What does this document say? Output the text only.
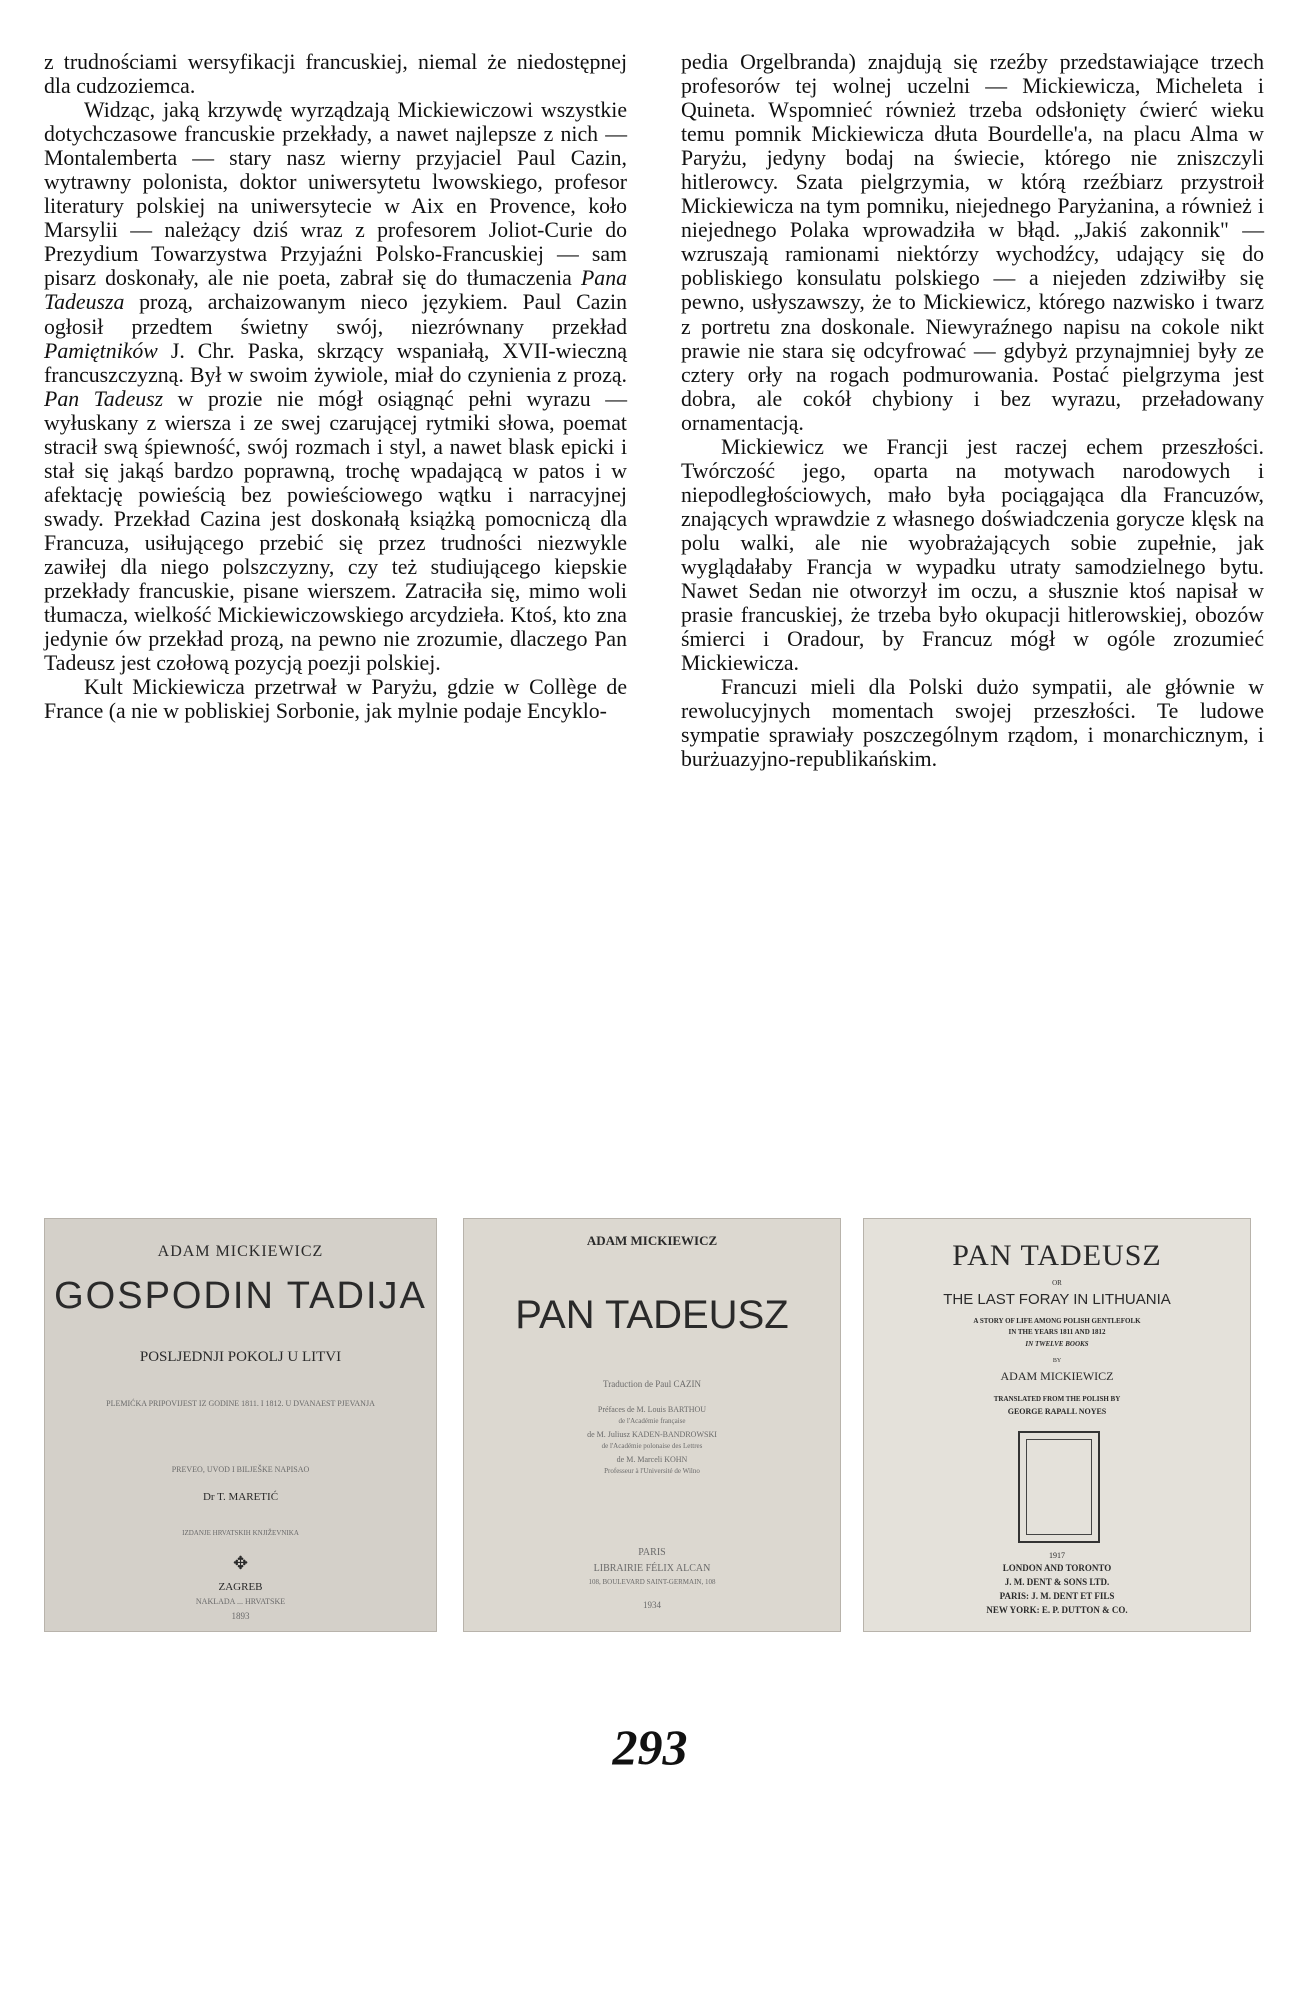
z trudnościami wersyfikacji francuskiej, niemal że niedostępnej dla cudzoziemca.

Widząc, jaką krzywdę wyrządzają Mickiewiczowi wszystkie dotychczasowe francuskie przekłady, a nawet najlepsze z nich — Montalemberta — stary nasz wierny przyjaciel Paul Cazin, wytrawny polonista, doktor uniwersytetu lwowskiego, profesor literatury polskiej na uniwersytecie w Aix en Provence, koło Marsylii — należący dziś wraz z profesorem Joliot-Curie do Prezydium Towarzystwa Przyjaźni Polsko-Francuskiej — sam pisarz doskonały, ale nie poeta, zabrał się do tłumaczenia Pana Tadeusza prozą, archaizowanym nieco językiem. Paul Cazin ogłosił przedtem świetny swój, niezrównany przekład Pamiętników J. Chr. Paska, skrzący wspaniałą, XVII-wieczną francuszczyzną. Był w swoim żywiole, miał do czynienia z prozą. Pan Tadeusz w prozie nie mógł osiągnąć pełni wyrazu — wyłuskany z wiersza i ze swej czarującej rytmiki słowa, poemat stracił swą śpiewność, swój rozmach i styl, a nawet blask epicki i stał się jakąś bardzo poprawną, trochę wpadającą w patos i w afektację powieścią bez powieściowego wątku i narracyjnej swady. Przekład Cazina jest doskonałą książką pomocniczą dla Francuza, usiłującego przebić się przez trudności niezwykle zawiłej dla niego polszczyzny, czy też studiującego kiepskie przekłady francuskie, pisane wierszem. Zatraciła się, mimo woli tłumacza, wielkość Mickiewiczowskiego arcydzieła. Ktoś, kto zna jedynie ów przekład prozą, na pewno nie zrozumie, dlaczego Pan Tadeusz jest czołową pozycją poezji polskiej.

Kult Mickiewicza przetrwał w Paryżu, gdzie w Collège de France (a nie w pobliskiej Sorbonie, jak mylnie podaje Encyklo-

pedia Orgelbranda) znajdują się rzeźby przedstawiające trzech profesorów tej wolnej uczelni — Mickiewicza, Micheleta i Quineta. Wspomnieć również trzeba odsłonięty ćwierć wieku temu pomnik Mickiewicza dłuta Bourdelle'a, na placu Alma w Paryżu, jedyny bodaj na świecie, którego nie zniszczyli hitlerowcy. Szata pielgrzymia, w którą rzeźbiarz przystroił Mickiewicza na tym pomniku, niejednego Paryżanina, a również i niejednego Polaka wprowadziła w błąd. „Jakiś zakonnik" — wzruszają ramionami niektórzy wychodźcy, udający się do pobliskiego konsulatu polskiego — a niejeden zdziwiłby się pewno, usłyszawszy, że to Mickiewicz, którego nazwisko i twarz z portretu zna doskonale. Niewyraźnego napisu na cokole nikt prawie nie stara się odcyfrować — gdybyż przynajmniej były ze cztery orły na rogach podmurowania. Postać pielgrzyma jest dobra, ale cokół chybiony i bez wyrazu, przeładowany ornamentacją.

Mickiewicz we Francji jest raczej echem przeszłości. Twórczość jego, oparta na motywach narodowych i niepodległościowych, mało była pociągająca dla Francuzów, znających wprawdzie z własnego doświadczenia gorycze klęsk na polu walki, ale nie wyobrażających sobie zupełnie, jak wyglądałaby Francja w wypadku utraty samodzielnego bytu. Nawet Sedan nie otworzył im oczu, a słusznie ktoś napisał w prasie francuskiej, że trzeba było okupacji hitlerowskiej, obozów śmierci i Oradour, by Francuz mógł w ogóle zrozumieć Mickiewicza.

Francuzi mieli dla Polski dużo sympatii, ale głównie w rewolucyjnych momentach swojej przeszłości. Te ludowe sympatie sprawiały poszczególnym rządom, i monarchicznym, i burżuazyjno-republikańskim.

ADAM MICKIEWICZ
GOSPODIN TADIJA
POSLJEDNJI POKOLJ U LITVI
PLEMIĆKA PRIPOVIJEST IZ GODINE 1811. I 1812. U DVANAEST PJEVANJA
PREVEO, UVOD I BILJEŠKE NAPISAO
Dr T. MARETIĆ
IZDANJE HRVATSKIH KNJIŽEVNIKA
✥
ZAGREB
NAKLADA ... HRVATSKE
1893
ADAM MICKIEWICZ
PAN TADEUSZ
Traduction de Paul CAZIN
Préfaces de M. Louis BARTHOU
de l'Académie française
de M. Juliusz KADEN-BANDROWSKI
de l'Académie polonaise des Lettres
de M. Marceli KOHN
Professeur à l'Université de Wilno
PARIS
LIBRAIRIE FÉLIX ALCAN
108, BOULEVARD SAINT-GERMAIN, 108
1934
PAN TADEUSZ
OR
THE LAST FORAY IN LITHUANIA
A STORY OF LIFE AMONG POLISH GENTLEFOLK
IN THE YEARS 1811 AND 1812
IN TWELVE BOOKS
BY
ADAM MICKIEWICZ
TRANSLATED FROM THE POLISH BY
GEORGE RAPALL NOYES
1917
LONDON AND TORONTO
J. M. DENT & SONS LTD.
PARIS: J. M. DENT ET FILS
NEW YORK: E. P. DUTTON & CO.
293
